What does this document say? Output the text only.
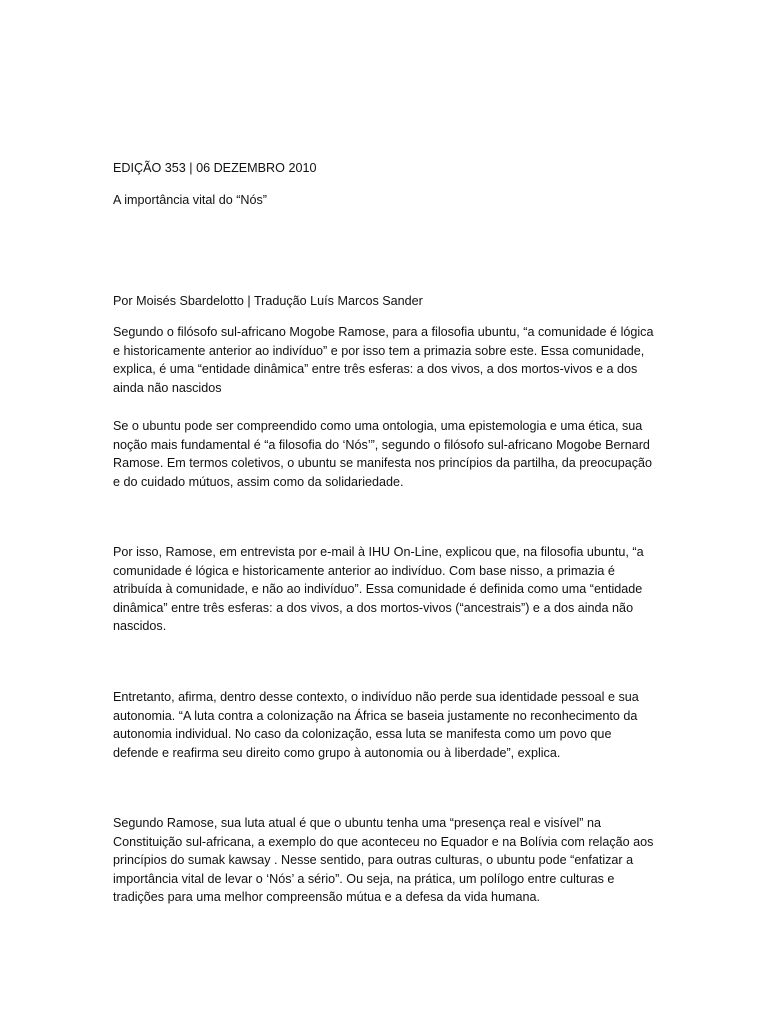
EDIÇÃO 353 | 06 DEZEMBRO 2010

A importância vital do “Nós”

Por Moisés Sbardelotto | Tradução Luís Marcos Sander

Segundo o filósofo sul-africano Mogobe Ramose, para a filosofia ubuntu, “a comunidade é lógica e historicamente anterior ao indivíduo” e por isso tem a primazia sobre este. Essa comunidade, explica, é uma “entidade dinâmica” entre três esferas: a dos vivos, a dos mortos-vivos e a dos ainda não nascidos

Se o ubuntu pode ser compreendido como uma ontologia, uma epistemologia e uma ética, sua noção mais fundamental é “a filosofia do ‘Nós’”, segundo o filósofo sul-africano Mogobe Bernard Ramose. Em termos coletivos, o ubuntu se manifesta nos princípios da partilha, da preocupação e do cuidado mútuos, assim como da solidariedade.

Por isso, Ramose, em entrevista por e-mail à IHU On-Line, explicou que, na filosofia ubuntu, “a comunidade é lógica e historicamente anterior ao indivíduo. Com base nisso, a primazia é atribuída à comunidade, e não ao indivíduo”. Essa comunidade é definida como uma “entidade dinâmica” entre três esferas: a dos vivos, a dos mortos-vivos (“ancestrais”) e a dos ainda não nascidos.

Entretanto, afirma, dentro desse contexto, o indivíduo não perde sua identidade pessoal e sua autonomia. “A luta contra a colonização na África se baseia justamente no reconhecimento da autonomia individual. No caso da colonização, essa luta se manifesta como um povo que defende e reafirma seu direito como grupo à autonomia ou à liberdade”, explica.

Segundo Ramose, sua luta atual é que o ubuntu tenha uma “presença real e visível” na Constituição sul-africana, a exemplo do que aconteceu no Equador e na Bolívia com relação aos princípios do sumak kawsay . Nesse sentido, para outras culturas, o ubuntu pode “enfatizar a importância vital de levar o ‘Nós’ a sério”. Ou seja, na prática, um polílogo entre culturas e tradições para uma melhor compreensão mútua e a defesa da vida humana.
